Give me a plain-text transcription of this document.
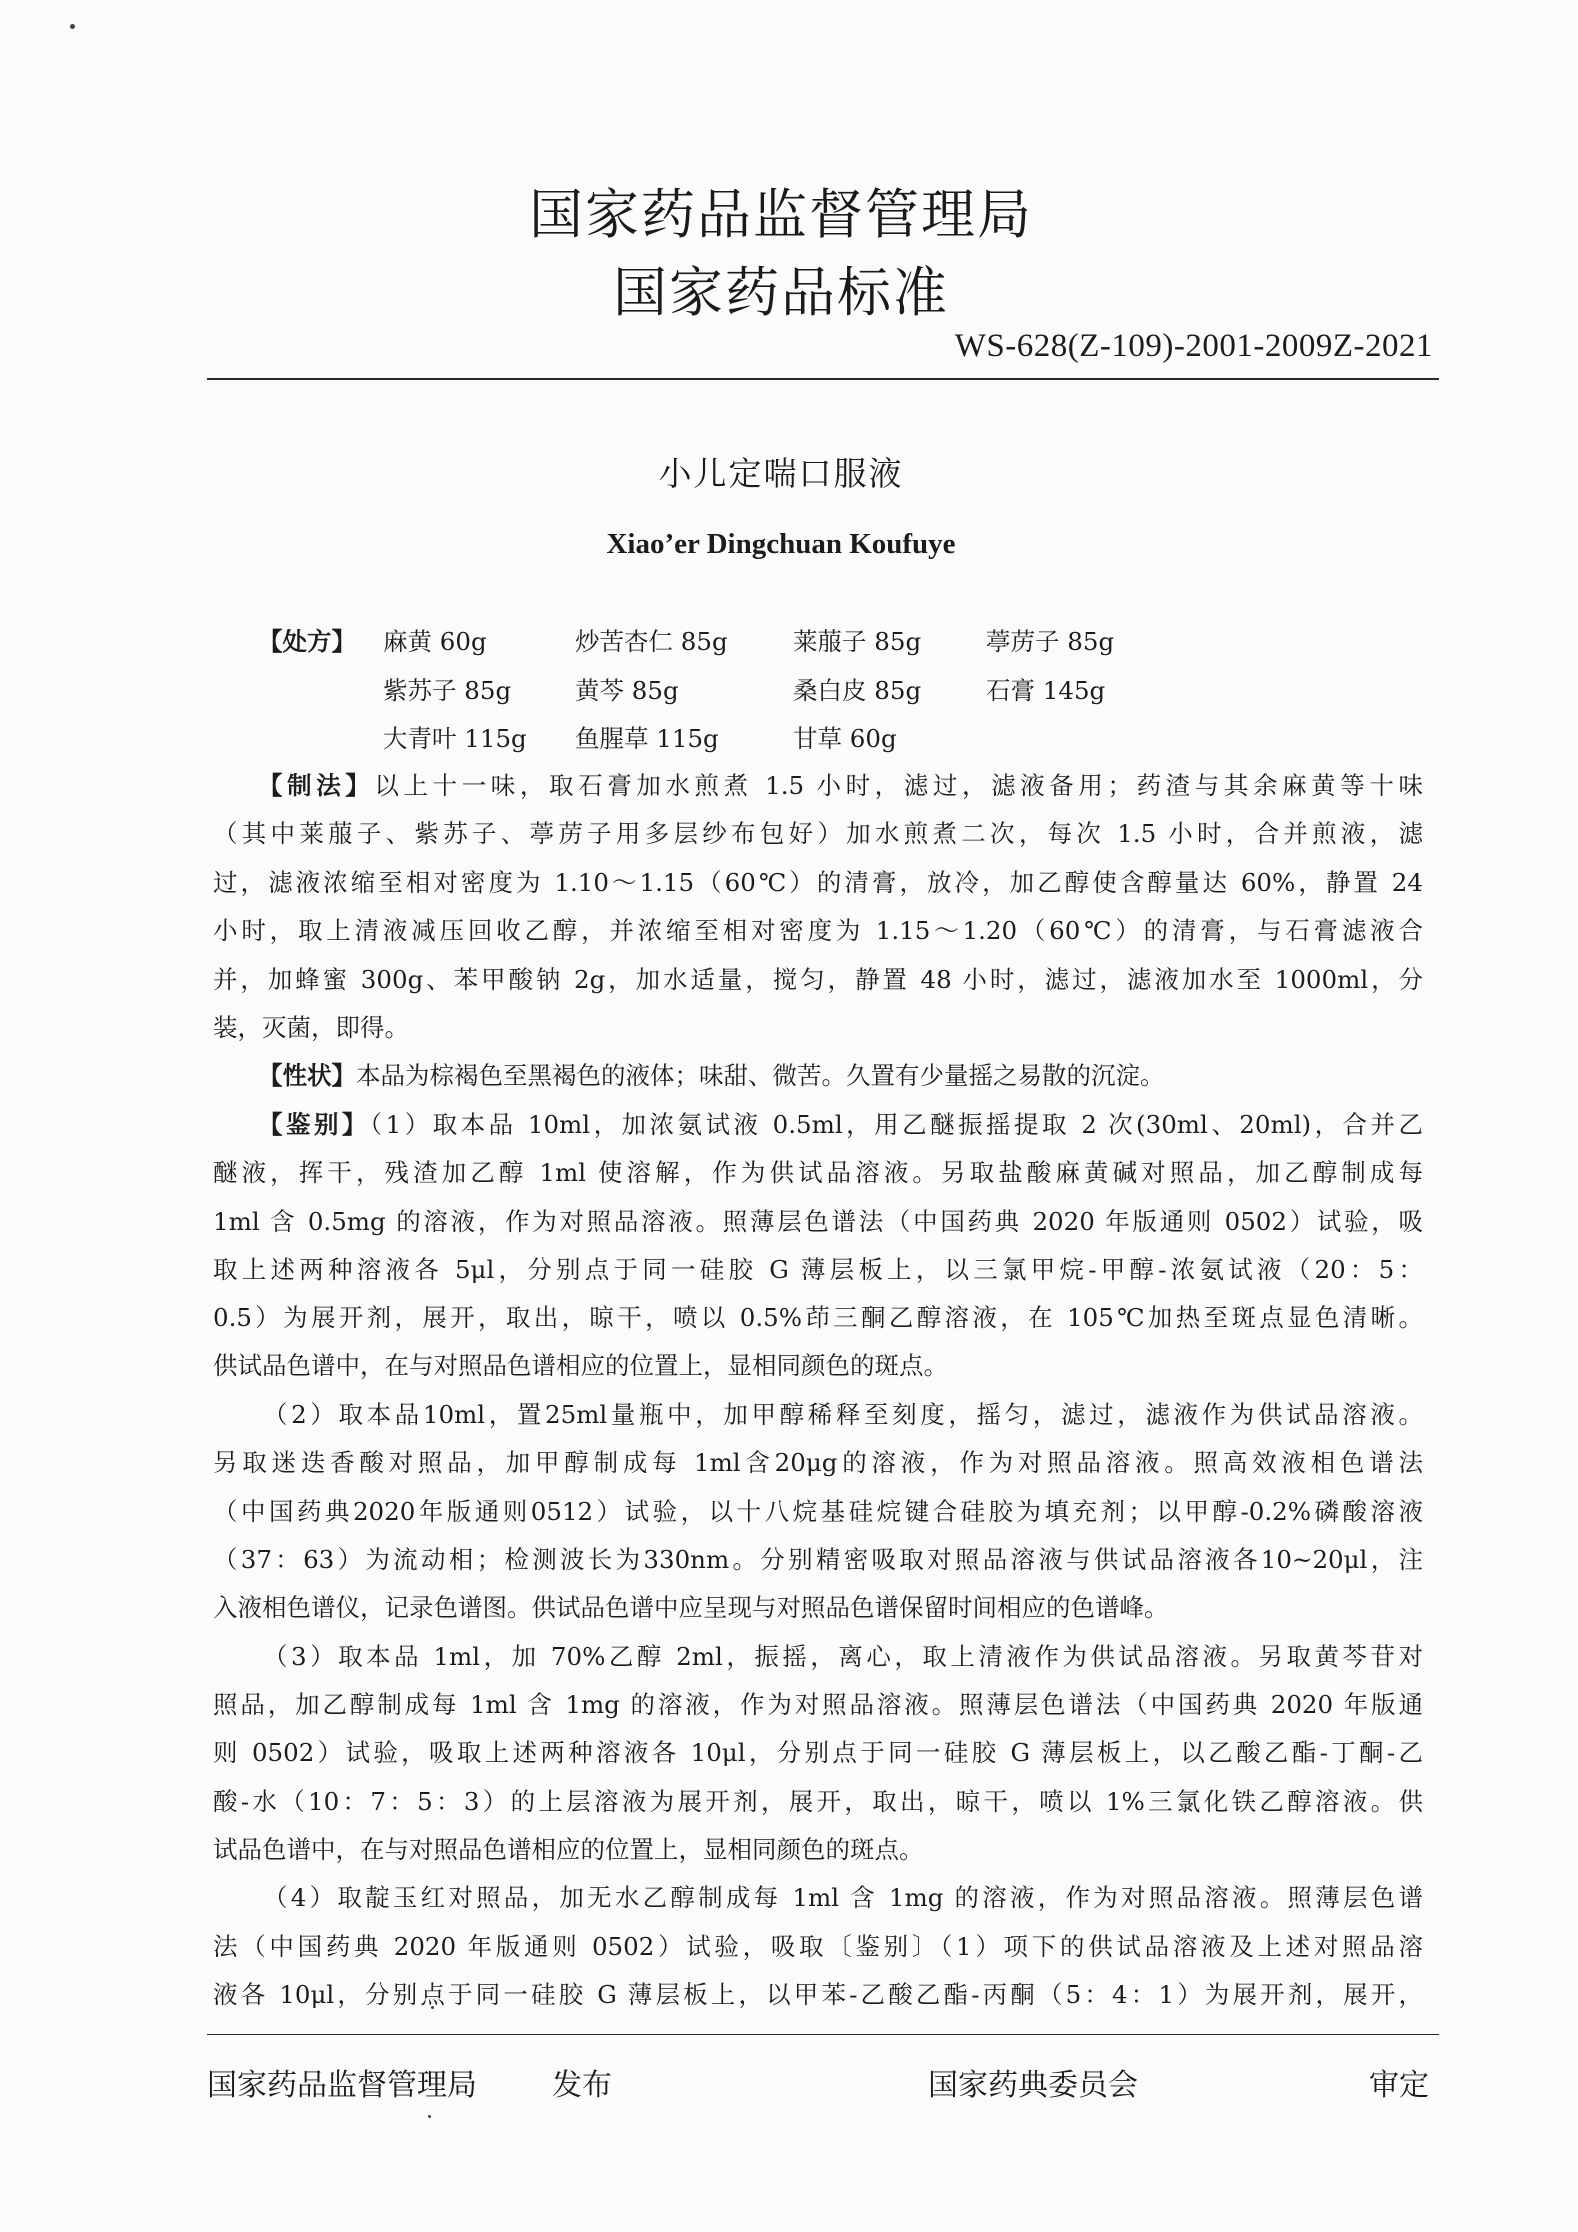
国家药品监督管理局
国家药品标准
WS-628(Z-109)-2001-2009Z-2021
小儿定喘口服液
Xiao’er Dingchuan Koufuye
【处方】 麻黄 60g	炒苦杏仁 85g	莱菔子 85g	葶苈子 85g
紫苏子 85g	黄芩 85g	桑白皮 85g	石膏 145g
大青叶 115g 鱼腥草 115g	甘草 60g
【制法】以上十一味，取石膏加水煎煮 1.5 小时，滤过，滤液备用；药渣与其余麻黄等十味
（其中莱菔子、紫苏子、葶苈子用多层纱布包好）加水煎煮二次，每次 1.5 小时，合并煎液，滤
过，滤液浓缩至相对密度为 1.10～1.15（60℃）的清膏，放冷，加乙醇使含醇量达 60%，静置 24
小时，取上清液减压回收乙醇，并浓缩至相对密度为 1.15～1.20（60℃）的清膏，与石膏滤液合
并，加蜂蜜 300g、苯甲酸钠 2g，加水适量，搅匀，静置 48 小时，滤过，滤液加水至 1000ml，分
装，灭菌，即得。
【性状】本品为棕褐色至黑褐色的液体；味甜、微苦。久置有少量摇之易散的沉淀。
【鉴别】（1）取本品 10ml，加浓氨试液 0.5ml，用乙醚振摇提取 2 次(30ml、20ml)，合并乙
醚液，挥干，残渣加乙醇 1ml 使溶解，作为供试品溶液。另取盐酸麻黄碱对照品，加乙醇制成每
1ml 含 0.5mg 的溶液，作为对照品溶液。照薄层色谱法（中国药典 2020 年版通则 0502）试验，吸
取上述两种溶液各 5μl，分别点于同一硅胶 G 薄层板上，以三氯甲烷-甲醇-浓氨试液（20：5：
0.5）为展开剂，展开，取出，晾干，喷以 0.5%茚三酮乙醇溶液，在 105℃加热至斑点显色清晰。
供试品色谱中，在与对照品色谱相应的位置上，显相同颜色的斑点。
（2）取本品10ml，置25ml量瓶中，加甲醇稀释至刻度，摇匀，滤过，滤液作为供试品溶液。
另取迷迭香酸对照品，加甲醇制成每 1ml含20μg的溶液，作为对照品溶液。照高效液相色谱法
（中国药典2020年版通则0512）试验，以十八烷基硅烷键合硅胶为填充剂；以甲醇-0.2%磷酸溶液
（37：63）为流动相；检测波长为330nm。分别精密吸取对照品溶液与供试品溶液各10~20μl，注
入液相色谱仪，记录色谱图。供试品色谱中应呈现与对照品色谱保留时间相应的色谱峰。
（3）取本品 1ml，加 70%乙醇 2ml，振摇，离心，取上清液作为供试品溶液。另取黄芩苷对
照品，加乙醇制成每 1ml 含 1mg 的溶液，作为对照品溶液。照薄层色谱法（中国药典 2020 年版通
则 0502）试验，吸取上述两种溶液各 10μl，分别点于同一硅胶 G 薄层板上，以乙酸乙酯-丁酮-乙
酸-水（10：7：5：3）的上层溶液为展开剂，展开，取出，晾干，喷以 1%三氯化铁乙醇溶液。供
试品色谱中，在与对照品色谱相应的位置上，显相同颜色的斑点。
（4）取靛玉红对照品，加无水乙醇制成每 1ml 含 1mg 的溶液，作为对照品溶液。照薄层色谱
法（中国药典 2020 年版通则 0502）试验，吸取〔鉴别〕（1）项下的供试品溶液及上述对照品溶
液各 10μl，分别点于同一硅胶 G 薄层板上，以甲苯-乙酸乙酯-丙酮（5：4：1）为展开剂，展开，
国家药品监督管理局	发布	国家药典委员会	审定
